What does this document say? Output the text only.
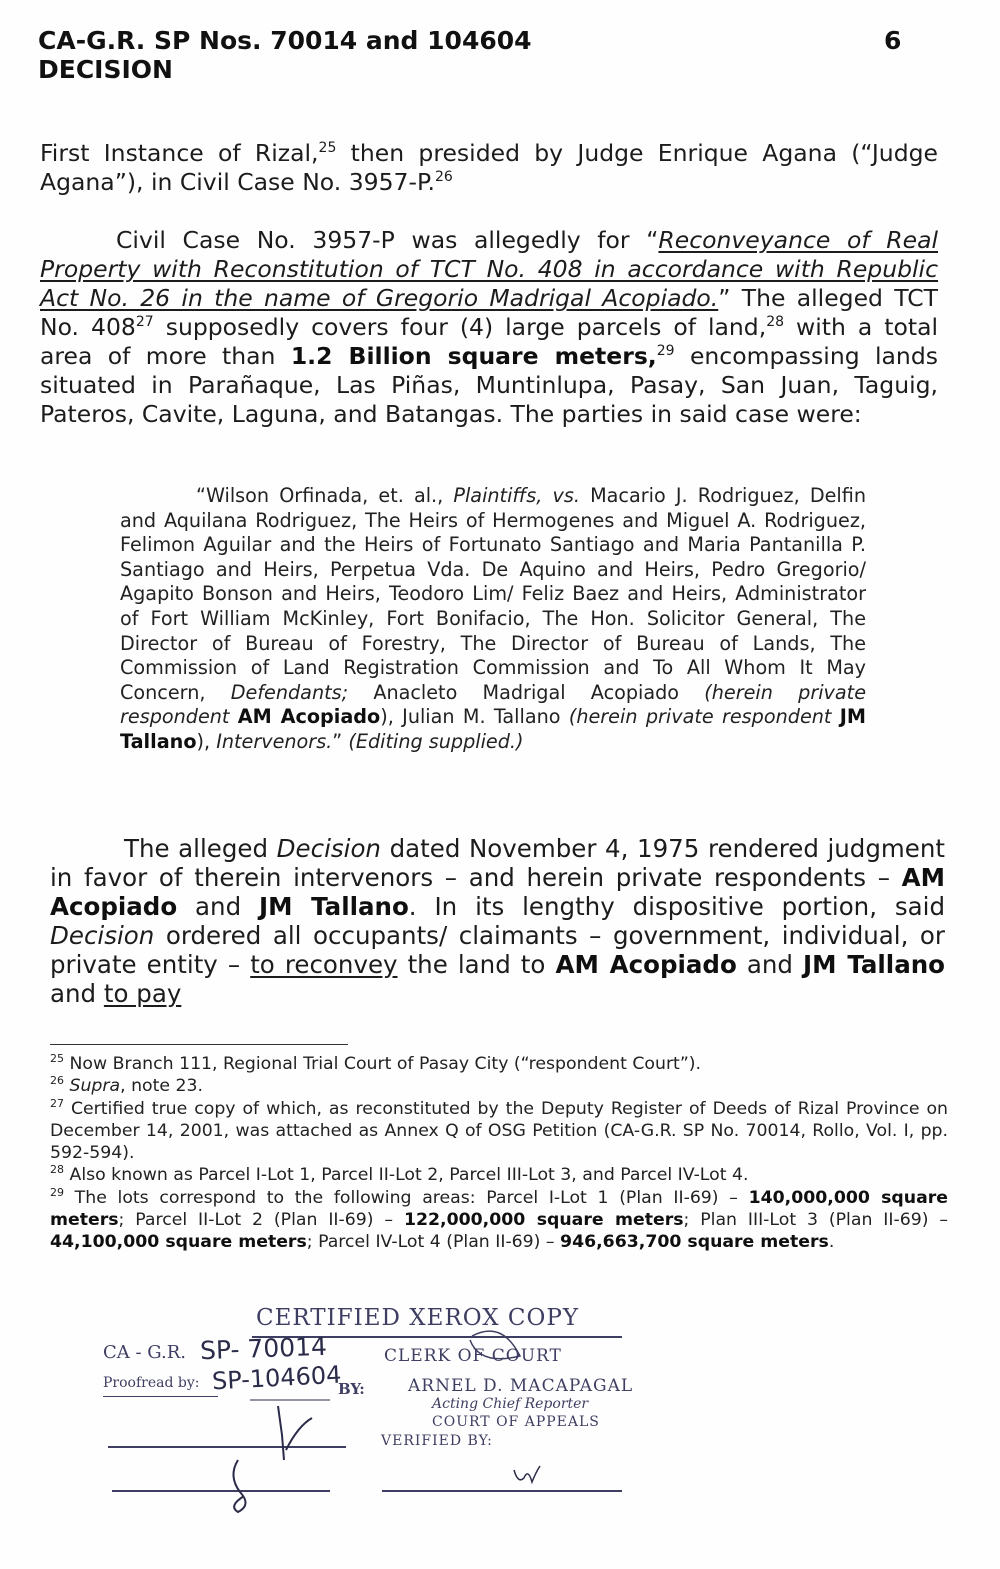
CA-G.R. SP Nos. 70014 and 104604
DECISION
6
First Instance of Rizal,$^{25}$ then presided by Judge Enrique Agana (“Judge Agana”), in Civil Case No. 3957-P.$^{26}$
Civil Case No. 3957-P was allegedly for “Reconveyance of Real Property with Reconstitution of TCT No. 408 in accordance with Republic Act No. 26 in the name of Gregorio Madrigal Acopiado.” The alleged TCT No. $408^{27}$ supposedly covers four (4) large parcels of land,$^{28}$ with a total area of more than 1.2 Billion square meters,$^{29}$ encompassing lands situated in Parañaque, Las Piñas, Muntinlupa, Pasay, San Juan, Taguig, Pateros, Cavite, Laguna, and Batangas. The parties in said case were:
“Wilson Orfinada, et. al., Plaintiffs, vs. Macario J. Rodriguez, Delfin and Aquilana Rodriguez, The Heirs of Hermogenes and Miguel A. Rodriguez, Felimon Aguilar and the Heirs of Fortunato Santiago and Maria Pantanilla P. Santiago and Heirs, Perpetua Vda. De Aquino and Heirs, Pedro Gregorio/ Agapito Bonson and Heirs, Teodoro Lim/ Feliz Baez and Heirs, Administrator of Fort William McKinley, Fort Bonifacio, The Hon. Solicitor General, The Director of Bureau of Forestry, The Director of Bureau of Lands, The Commission of Land Registration Commission and To All Whom It May Concern, Defendants; Anacleto Madrigal Acopiado (herein private respondent AM Acopiado), Julian M. Tallano (herein private respondent JM Tallano), Intervenors.” (Editing supplied.)
The alleged Decision dated November 4, 1975 rendered judgment in favor of therein intervenors – and herein private respondents – AM Acopiado and JM Tallano. In its lengthy dispositive portion, said Decision ordered all occupants/ claimants – government, individual, or private entity – to reconvey the land to AM Acopiado and JM Tallano and to pay

$^{25}$ Now Branch 111, Regional Trial Court of Pasay City (“respondent Court”).

$^{26}$ Supra, note 23.

$^{27}$ Certified true copy of which, as reconstituted by the Deputy Register of Deeds of Rizal Province on December 14, 2001, was attached as Annex Q of OSG Petition (CA-G.R. SP No. 70014, Rollo, Vol. I, pp. 592-594).

$^{28}$ Also known as Parcel I-Lot 1, Parcel II-Lot 2, Parcel III-Lot 3, and Parcel IV-Lot 4.

$^{29}$ The lots correspond to the following areas: Parcel I-Lot 1 (Plan II-69) – 140,000,000 square meters; Parcel II-Lot 2 (Plan II-69) – 122,000,000 square meters; Plan III-Lot 3 (Plan II-69) – 44,100,000 square meters; Parcel IV-Lot 4 (Plan II-69) – 946,663,700 square meters.

CERTIFIED XEROX COPY
CA - G.R. SP- 70014
SP-104604
CLERK OF COURT
Proofread by:	BY:	ARNEL D. MACAPAGAL
Acting Chief Reporter
COURT OF APPEALS
VERIFIED BY:
